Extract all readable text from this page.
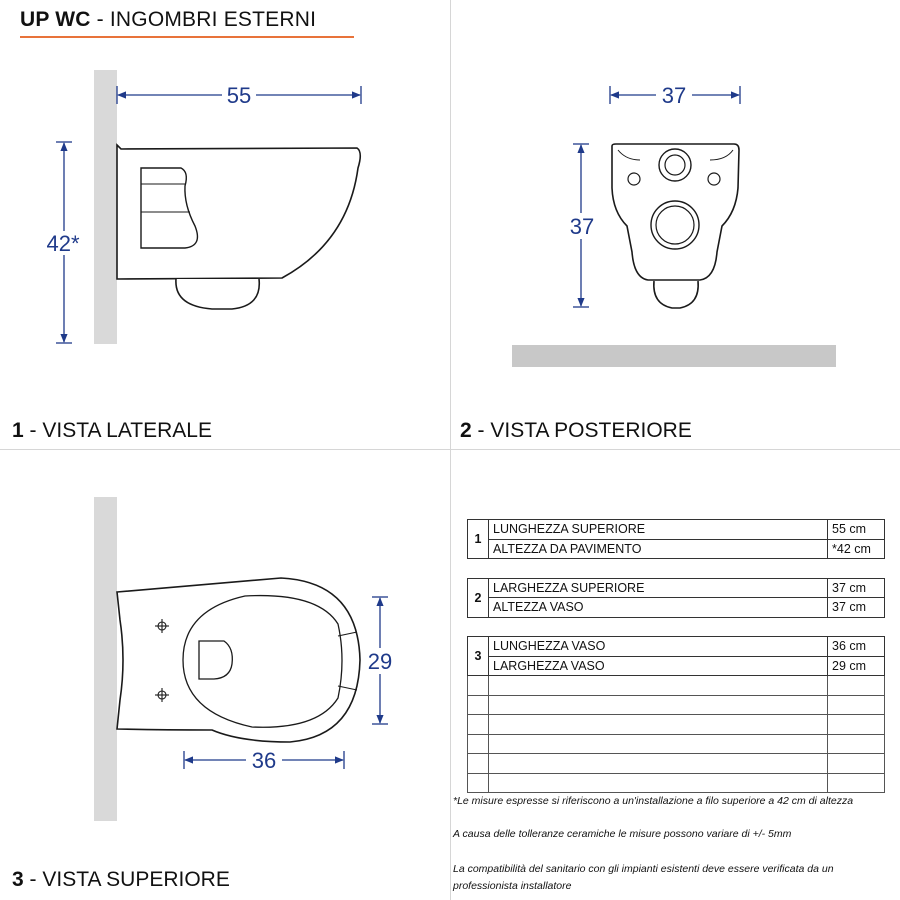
UP WC - INGOMBRI ESTERNI
55
42*
37
37
36
29
1 - VISTA LATERALE	2 - VISTA POSTERIORE
3 - VISTA SUPERIORE
1	LUNGHEZZA SUPERIORE	55 cm
	ALTEZZA DA PAVIMENTO	*42 cm

2	LARGHEZZA SUPERIORE	37 cm
	ALTEZZA VASO	37 cm

3	LUNGHEZZA VASO	36 cm
	LARGHEZZA VASO	29 cm

*Le misure espresse si riferiscono a un'installazione a filo superiore a 42 cm di altezza
A causa delle tolleranze ceramiche le misure possono variare di +/- 5mm
La compatibilità del sanitario con gli impianti esistenti deve essere verificata da un professionista installatore
